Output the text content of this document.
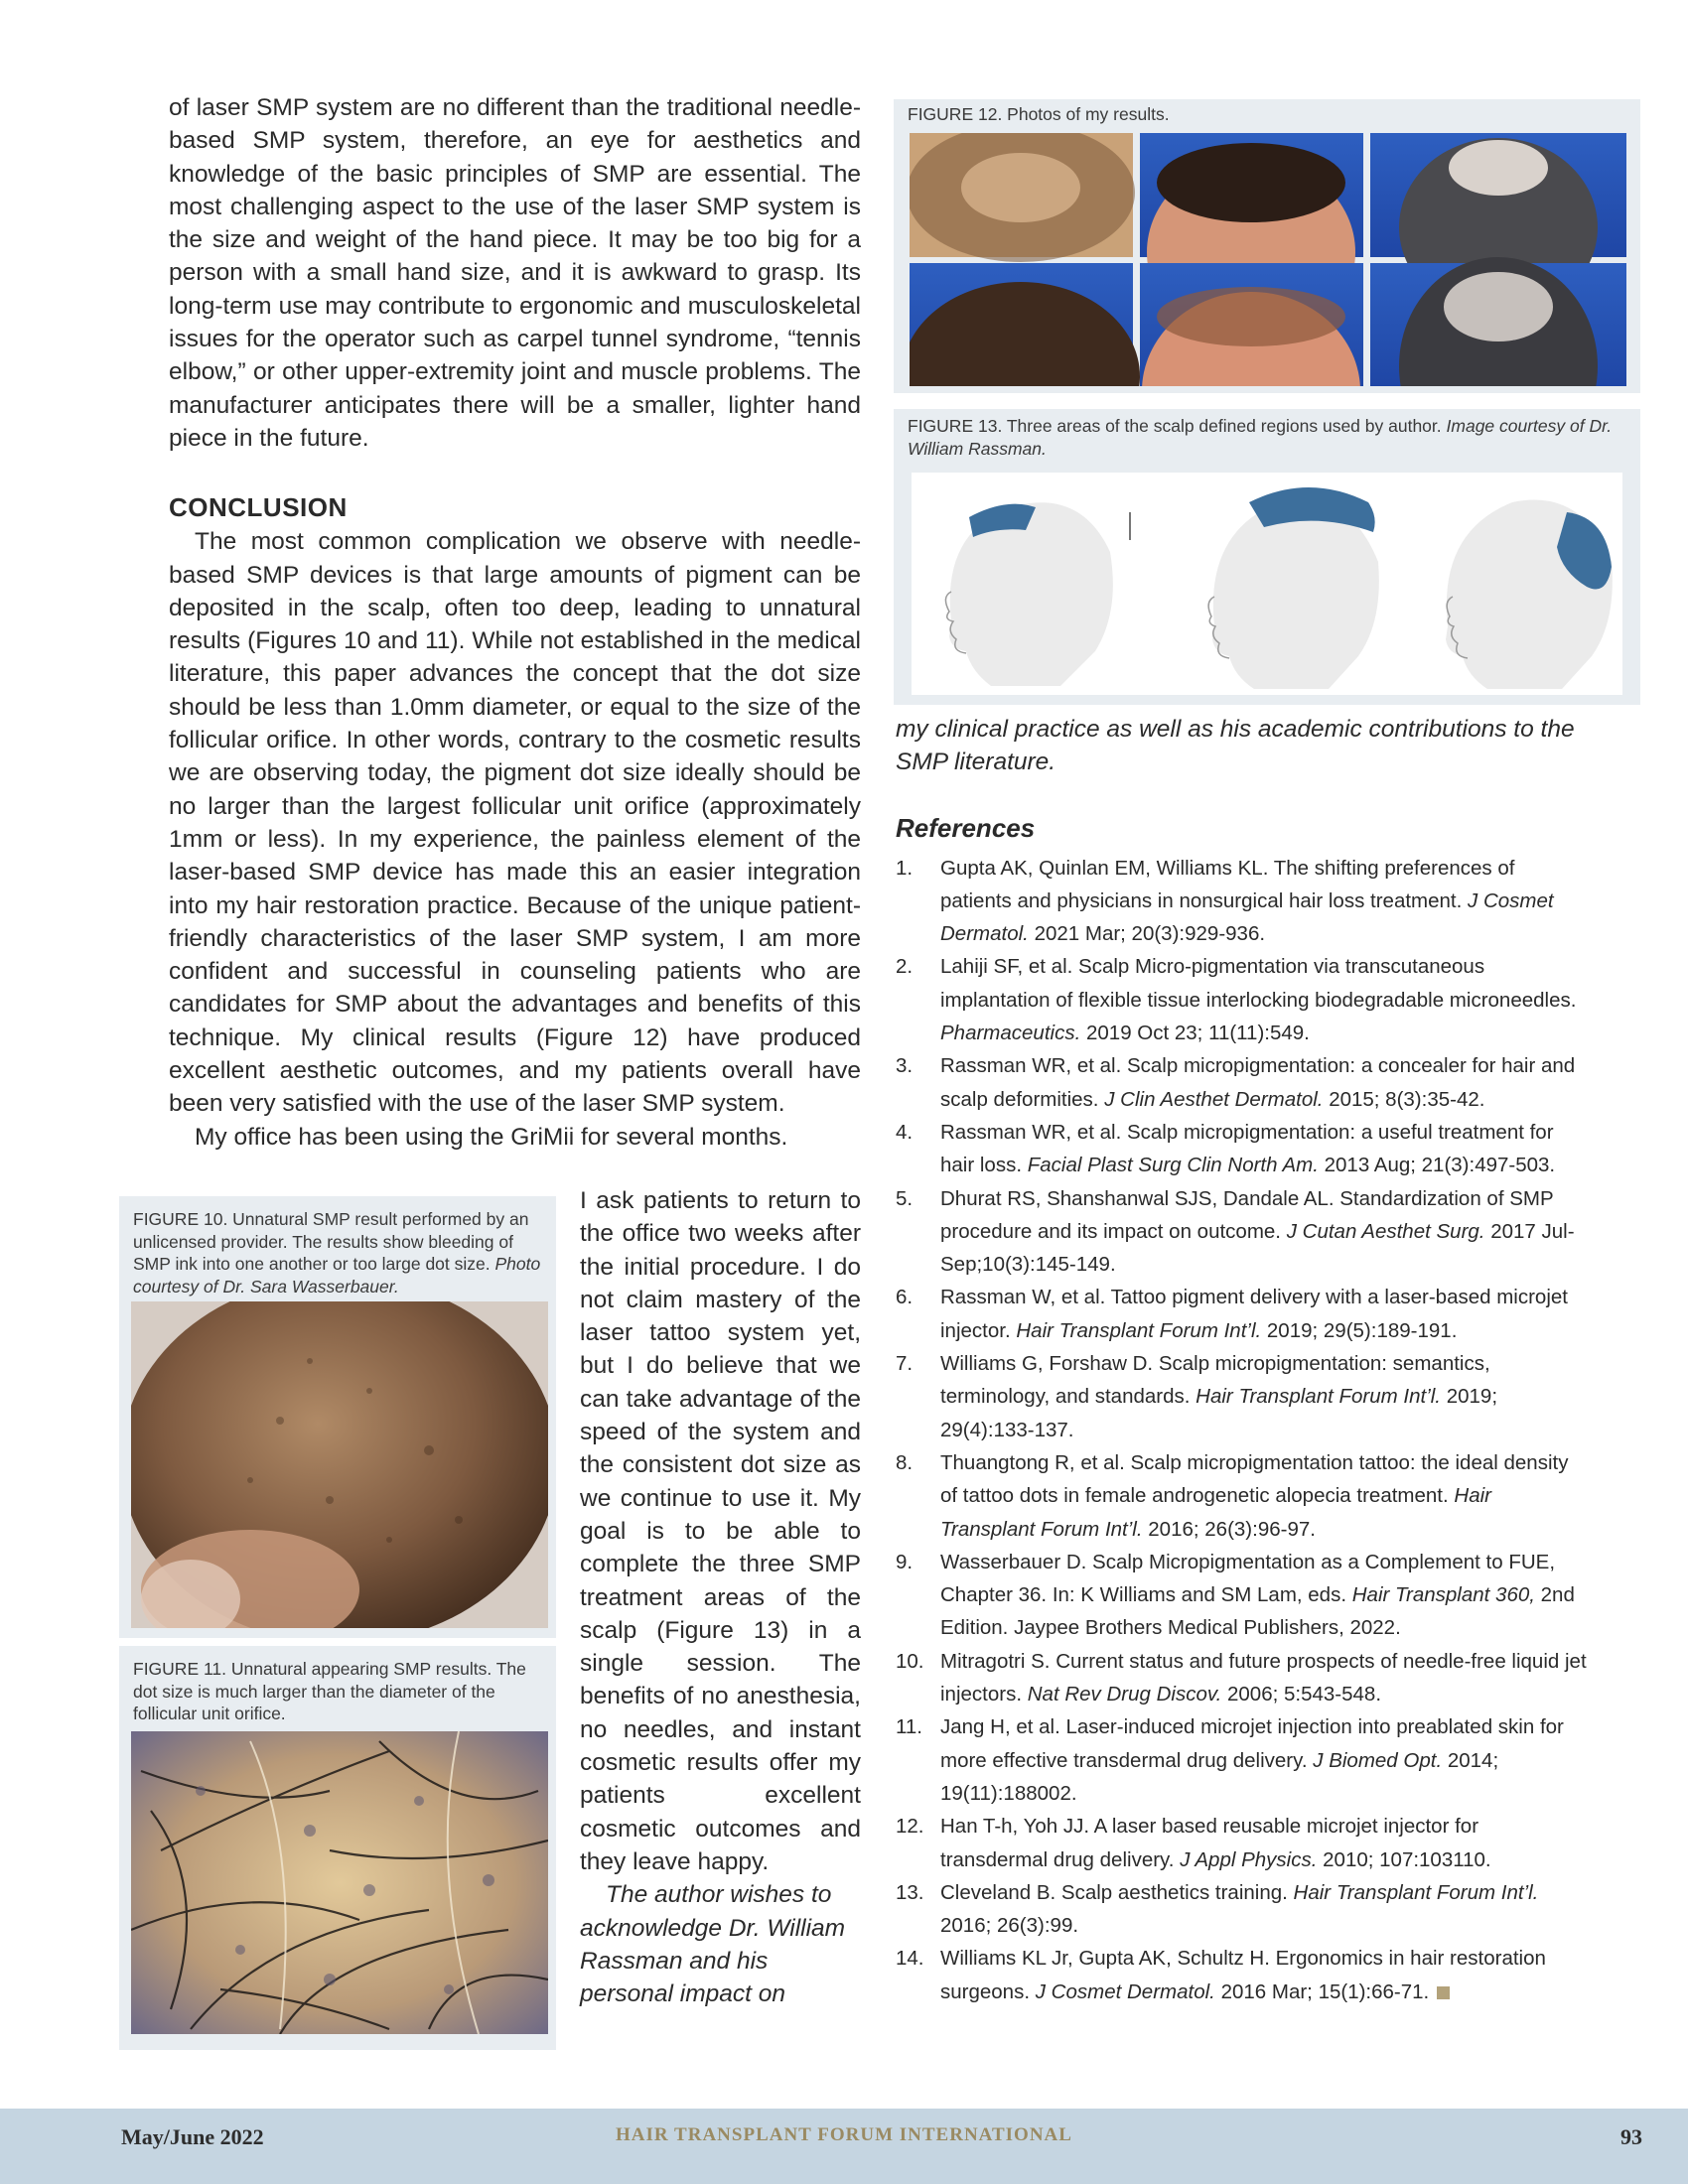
of laser SMP system are no different than the traditional needle-based SMP system, therefore, an eye for aesthetics and knowledge of the basic principles of SMP are essential. The most challenging aspect to the use of the laser SMP system is the size and weight of the hand piece. It may be too big for a person with a small hand size, and it is awkward to grasp. Its long-term use may contribute to ergonomic and musculoskeletal issues for the operator such as carpel tunnel syndrome, “tennis elbow,” or other upper-extremity joint and muscle problems. The manufacturer anticipates there will be a smaller, lighter hand piece in the future.

CONCLUSION

The most common complication we observe with needle-based SMP devices is that large amounts of pigment can be deposited in the scalp, often too deep, leading to unnatural results (Figures 10 and 11). While not established in the medical literature, this paper advances the concept that the dot size should be less than 1.0mm diameter, or equal to the size of the follicular orifice. In other words, contrary to the cosmetic results we are observing today, the pigment dot size ideally should be no larger than the largest follicular unit orifice (approximately 1mm or less). In my experience, the painless element of the laser-based SMP device has made this an easier integration into my hair restoration practice. Because of the unique patient-friendly characteristics of the laser SMP system, I am more confident and successful in counseling patients who are candidates for SMP about the advantages and benefits of this technique. My clinical results (Figure 12) have produced excellent aesthetic outcomes, and my patients overall have been very satisfied with the use of the laser SMP system.

My office has been using the GriMii for several months.

FIGURE 10. Unnatural SMP result performed by an unlicensed provider. The results show bleeding of SMP ink into one another or too large dot size. Photo courtesy of Dr. Sara Wasserbauer.
FIGURE 11. Unnatural appearing SMP results. The dot size is much larger than the diameter of the follicular unit orifice.

I ask patients to return to the office two weeks after the initial procedure. I do not claim mastery of the laser tattoo system yet, but I do believe that we can take advantage of the speed of the system and the consistent dot size as we continue to use it. My goal is to be able to complete the three SMP treatment areas of the scalp (Figure 13) in a single session. The benefits of no anesthesia, no needles, and instant cosmetic results offer my patients excellent cosmetic outcomes and they leave happy.

The author wishes to acknowledge Dr. William Rassman and his personal impact on

FIGURE 12. Photos of my results.
FIGURE 13. Three areas of the scalp defined regions used by author. Image courtesy of Dr. William Rassman.

my clinical practice as well as his academic contributions to the SMP literature.

References
1. Gupta AK, Quinlan EM, Williams KL. The shifting preferences of patients and physicians in nonsurgical hair loss treatment. J Cosmet Dermatol. 2021 Mar; 20(3):929-936.
2. Lahiji SF, et al. Scalp Micro-pigmentation via transcutaneous implantation of flexible tissue interlocking biodegradable microneedles. Pharmaceutics. 2019 Oct 23; 11(11):549.
3. Rassman WR, et al. Scalp micropigmentation: a concealer for hair and scalp deformities. J Clin Aesthet Dermatol. 2015; 8(3):35-42.
4. Rassman WR, et al. Scalp micropigmentation: a useful treatment for hair loss. Facial Plast Surg Clin North Am. 2013 Aug; 21(3):497-503.
5. Dhurat RS, Shanshanwal SJS, Dandale AL. Standardization of SMP procedure and its impact on outcome. J Cutan Aesthet Surg. 2017 Jul-Sep;10(3):145-149.
6. Rassman W, et al. Tattoo pigment delivery with a laser-based microjet injector. Hair Transplant Forum Int’l. 2019; 29(5):189-191.
7. Williams G, Forshaw D. Scalp micropigmentation: semantics, terminology, and standards. Hair Transplant Forum Int’l. 2019; 29(4):133-137.
8. Thuangtong R, et al. Scalp micropigmentation tattoo: the ideal density of tattoo dots in female androgenetic alopecia treatment. Hair Transplant Forum Int’l. 2016; 26(3):96-97.
9. Wasserbauer D. Scalp Micropigmentation as a Complement to FUE, Chapter 36. In: K Williams and SM Lam, eds. Hair Transplant 360, 2nd Edition. Jaypee Brothers Medical Publishers, 2022.
10. Mitragotri S. Current status and future prospects of needle-free liquid jet injectors. Nat Rev Drug Discov. 2006; 5:543-548.
11. Jang H, et al. Laser-induced microjet injection into preablated skin for more effective transdermal drug delivery. J Biomed Opt. 2014; 19(11):188002.
12. Han T-h, Yoh JJ. A laser based reusable microjet injector for transdermal drug delivery. J Appl Physics. 2010; 107:103110.
13. Cleveland B. Scalp aesthetics training. Hair Transplant Forum Int’l. 2016; 26(3):99.
14. Williams KL Jr, Gupta AK, Schultz H. Ergonomics in hair restoration surgeons. J Cosmet Dermatol. 2016 Mar; 15(1):66-71.
May/June 2022	HAIR TRANSPLANT FORUM INTERNATIONAL	93
